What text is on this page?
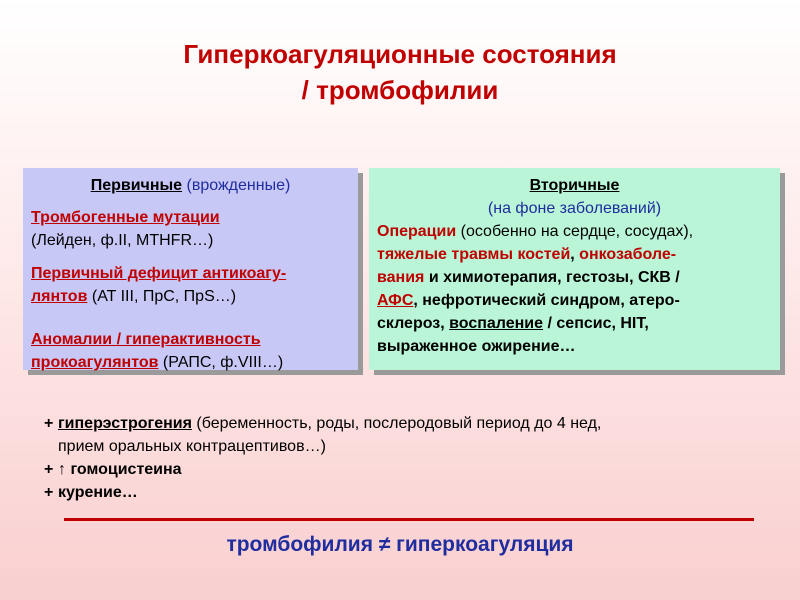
Гиперкоагуляционные состояния
/ тромбофилии
Первичные (врожденные)
Тромбогенные мутации
(Лейден, ф.II, MTHFR…)
Первичный дефицит антикоагу-
лянтов (AT III, ПрС, ПрS…)
Аномалии / гиперактивность
прокоагулянтов (РАПС, ф.VIII…)
Вторичные
(на фоне заболеваний)
Операции (особенно на сердце, сосудах),
тяжелые травмы костей, онкозаболе-
вания и химиотерапия, гестозы, СКВ /
АФС, нефротический синдром, атеро-
склероз, воспаление / сепсис, HIT,
выраженное ожирение…
+ гиперэстрогения (беременность, роды, послеродовый период до 4 нед,
прием оральных контрацептивов…)
+ ↑ гомоцистеина
+ курение…
тромбофилия ≠ гиперкоагуляция
